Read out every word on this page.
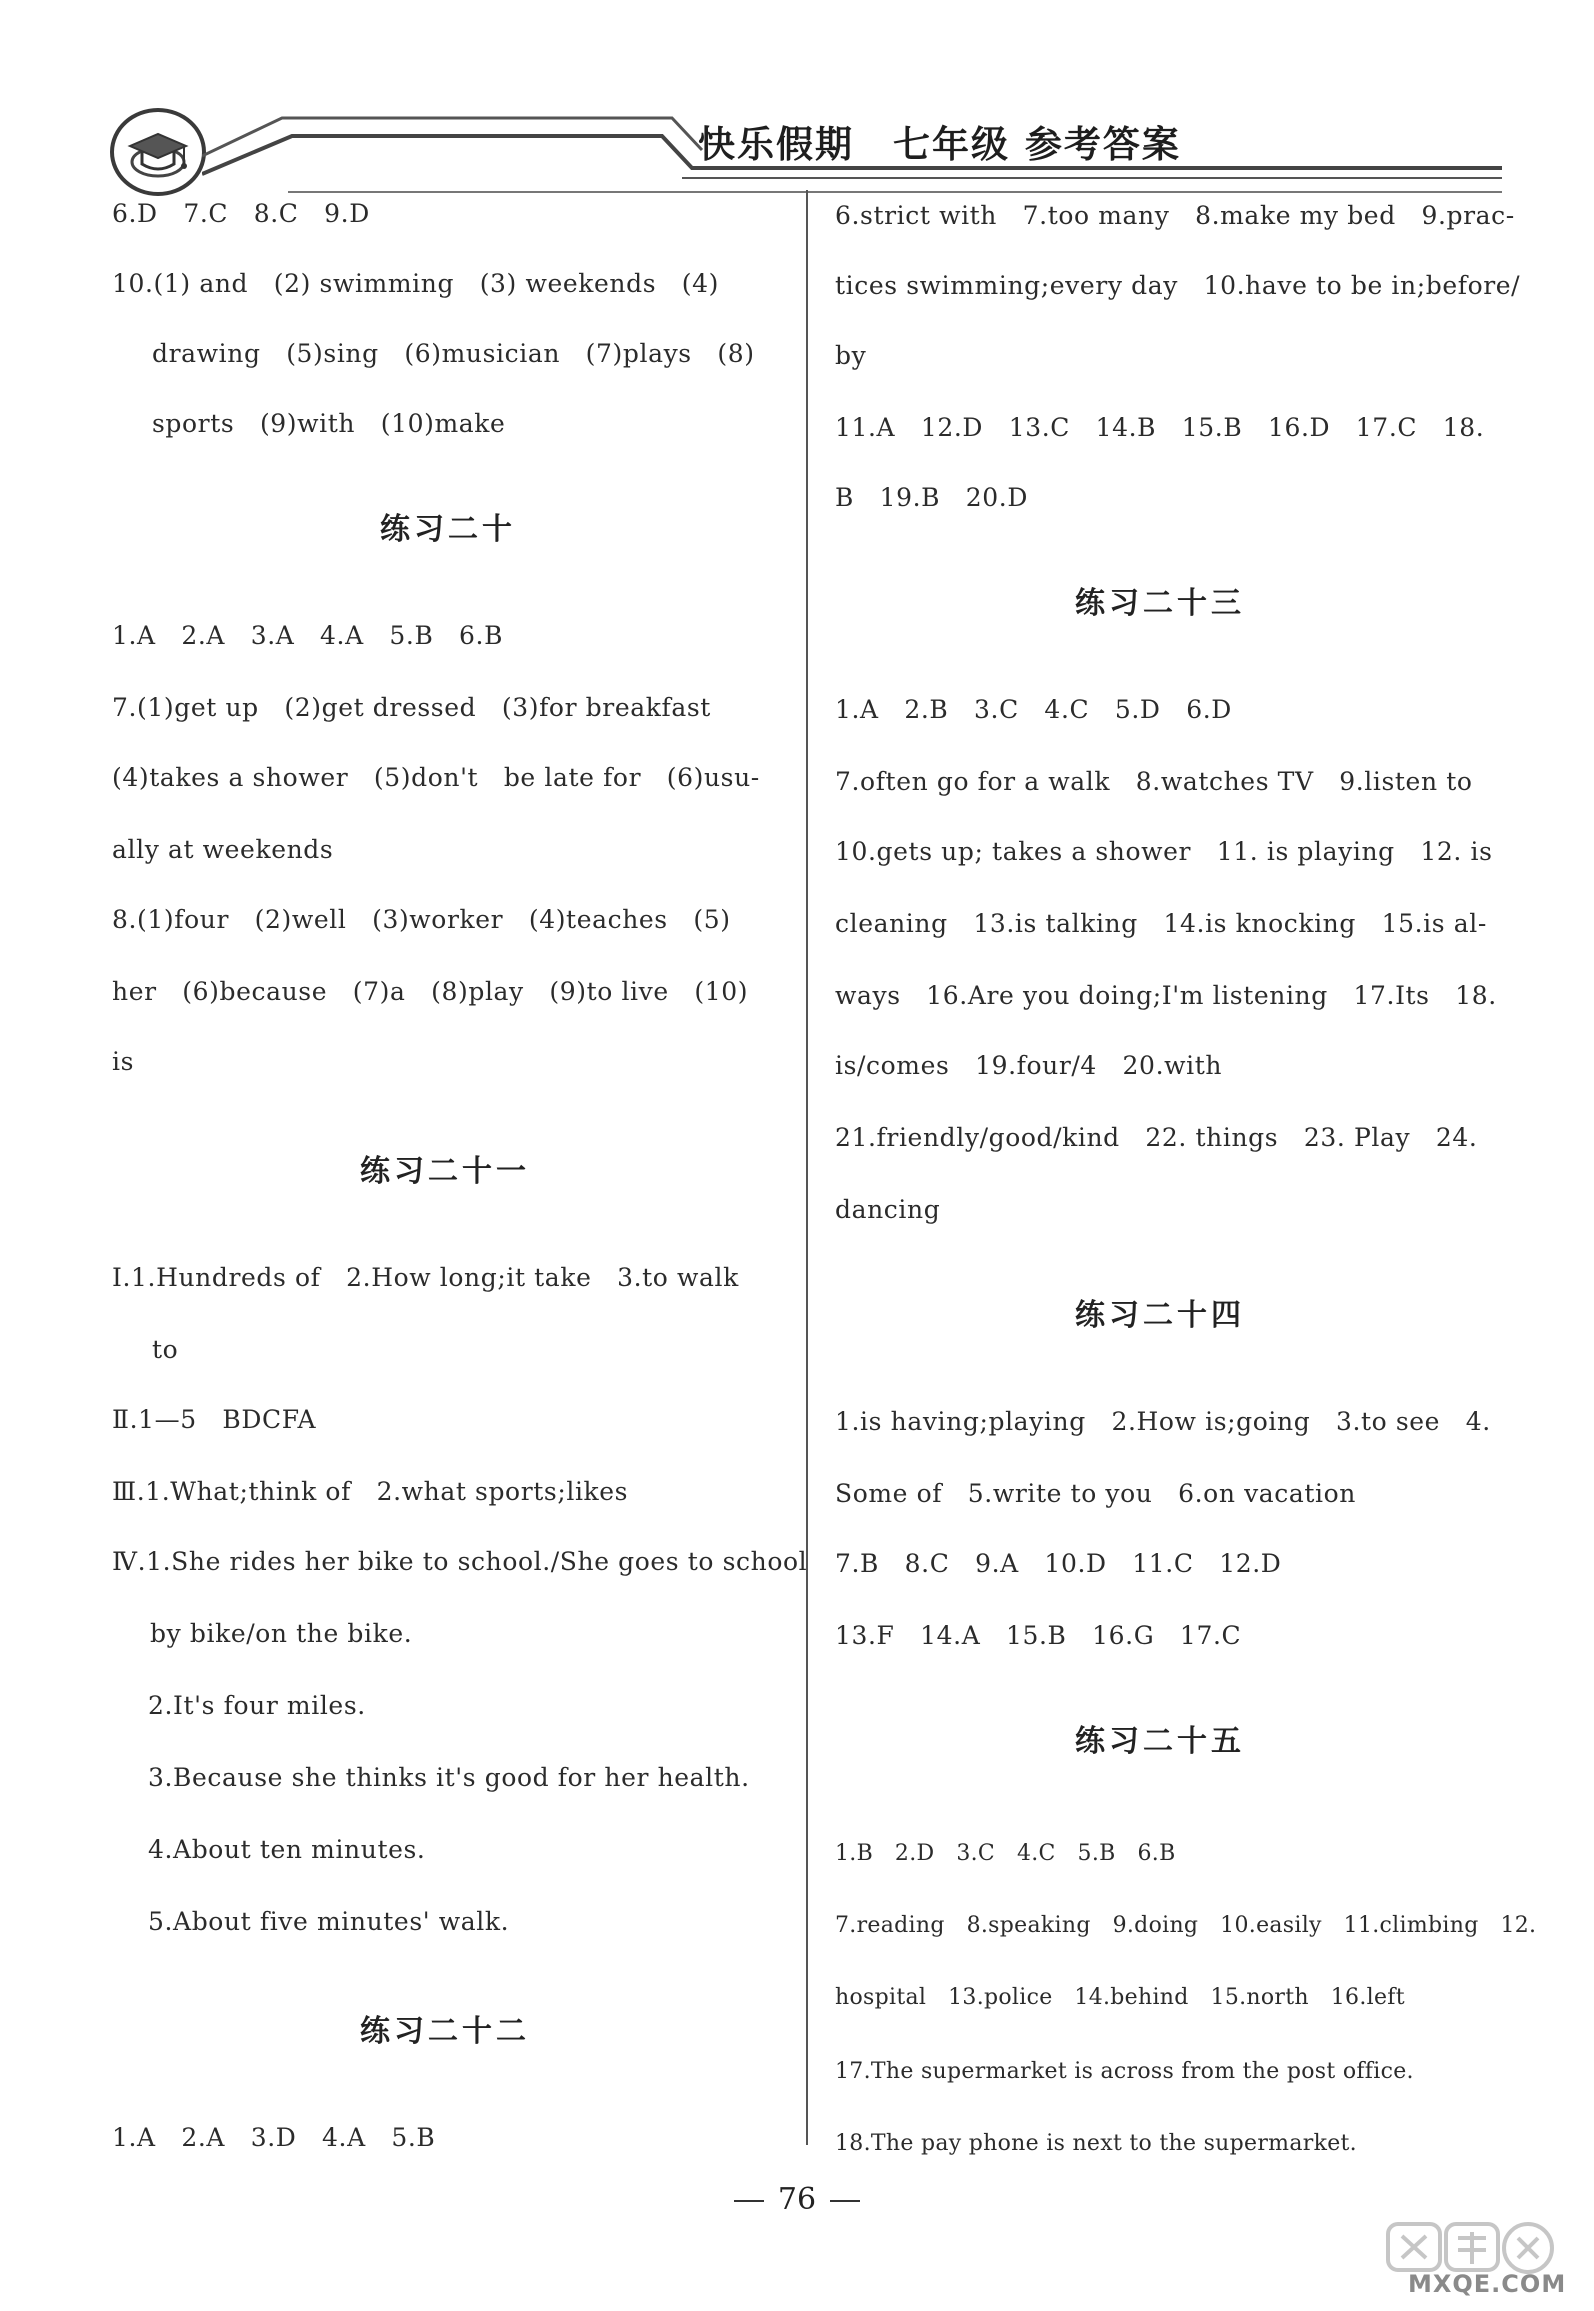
快乐假期　七年级 参考答案
6.D   7.C   8.C   9.D
10.(1) and   (2) swimming   (3) weekends   (4)
drawing   (5)sing   (6)musician   (7)plays   (8)
sports   (9)with   (10)make
练习二十
1.A   2.A   3.A   4.A   5.B   6.B
7.(1)get up   (2)get dressed   (3)for breakfast
(4)takes a shower   (5)don't   be late for   (6)usu-
ally at weekends
8.(1)four   (2)well   (3)worker   (4)teaches   (5)
her   (6)because   (7)a   (8)play   (9)to live   (10)
is
练习二十一
Ⅰ.1.Hundreds of   2.How long;it take   3.to walk
to
Ⅱ.1—5   BDCFA
Ⅲ.1.What;think of   2.what sports;likes
Ⅳ.1.She rides her bike to school./She goes to school
by bike/on the bike.
2.It's four miles.
3.Because she thinks it's good for her health.
4.About ten minutes.
5.About five minutes' walk.
练习二十二
1.A   2.A   3.D   4.A   5.B
6.strict with   7.too many   8.make my bed   9.prac-
tices swimming;every day   10.have to be in;before/
by
11.A   12.D   13.C   14.B   15.B   16.D   17.C   18.
B   19.B   20.D
练习二十三
1.A   2.B   3.C   4.C   5.D   6.D
7.often go for a walk   8.watches TV   9.listen to
10.gets up; takes a shower   11. is playing   12. is
cleaning   13.is talking   14.is knocking   15.is al-
ways   16.Are you doing;I'm listening   17.Its   18.
is/comes   19.four/4   20.with
21.friendly/good/kind   22. things   23. Play   24.
dancing
练习二十四
1.is having;playing   2.How is;going   3.to see   4.
Some of   5.write to you   6.on vacation
7.B   8.C   9.A   10.D   11.C   12.D
13.F   14.A   15.B   16.G   17.C
练习二十五
1.B   2.D   3.C   4.C   5.B   6.B
7.reading   8.speaking   9.doing   10.easily   11.climbing   12.
hospital   13.police   14.behind   15.north   16.left
17.The supermarket is across from the post office.
18.The pay phone is next to the supermarket.
76
MXQE.COM
